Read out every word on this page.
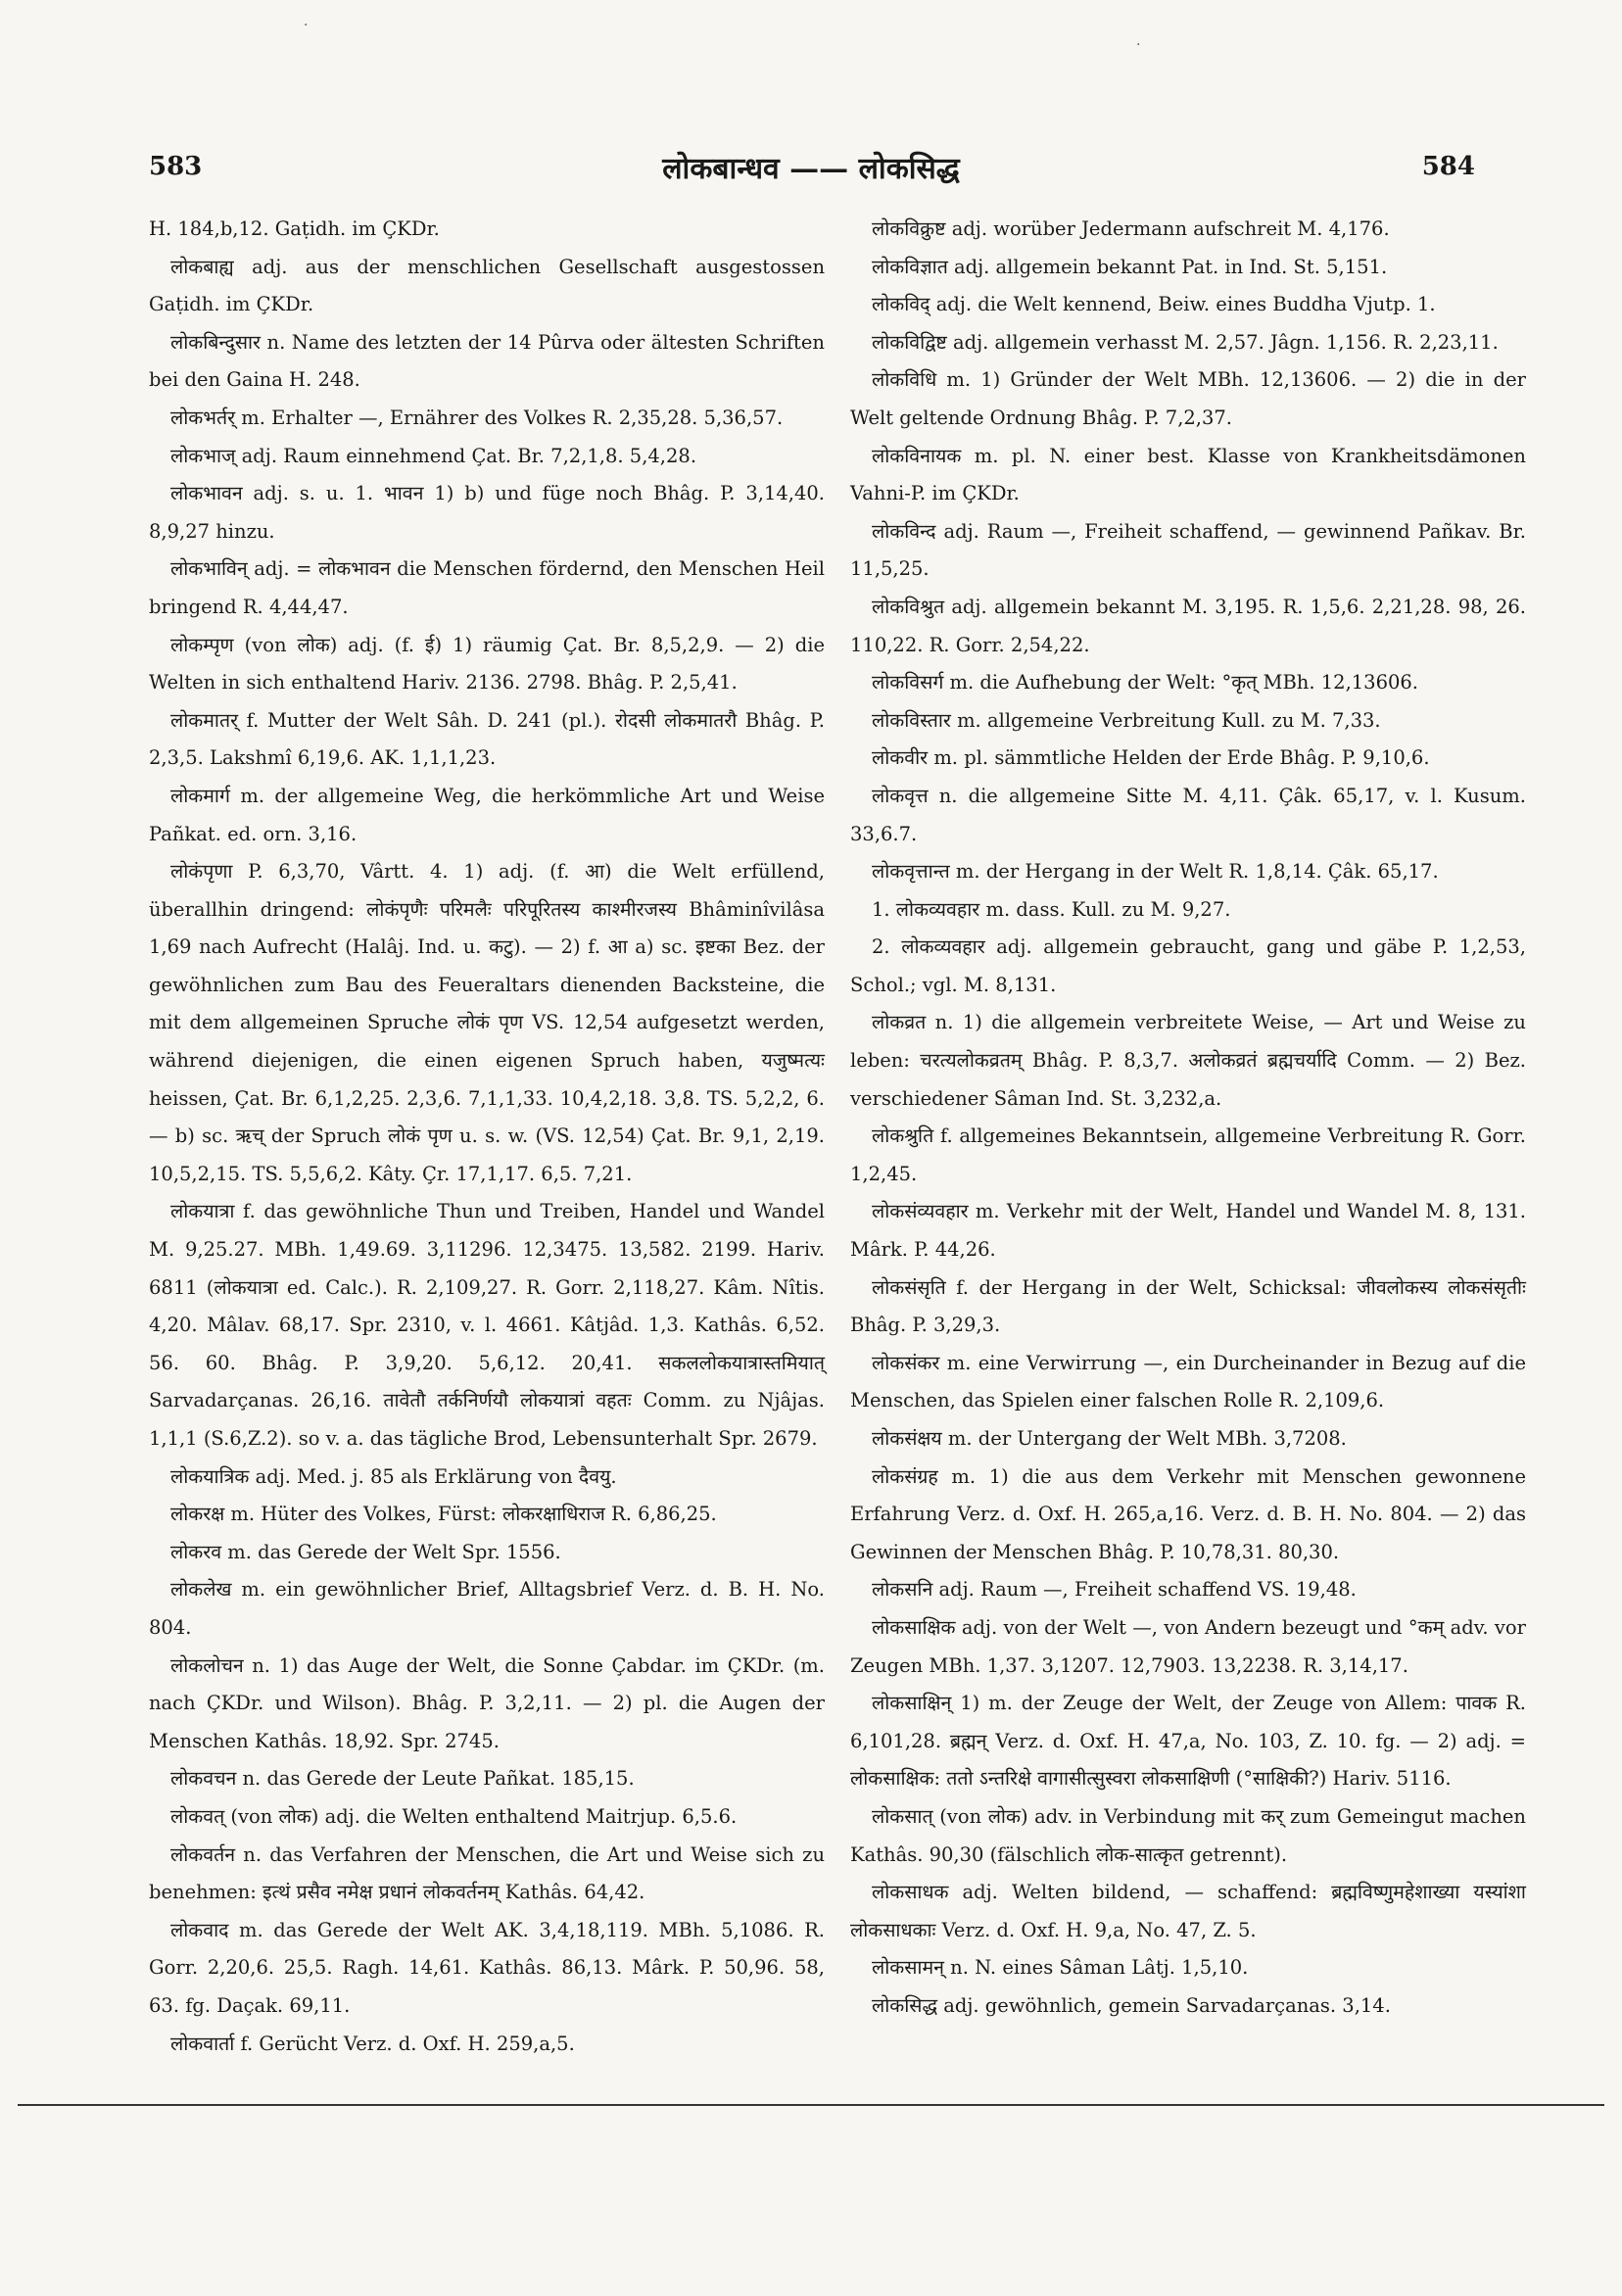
·
·
583	लोकबान्धव —— लोकसिद्ध	584

H. 184,b,12. Gaṭidh. im ÇKDr.

लोकबाह्य adj. aus der menschlichen Gesellschaft ausgestossen Gaṭidh. im ÇKDr.

लोकबिन्दुसार n. Name des letzten der 14 Pûrva oder ältesten Schriften bei den Gaina H. 248.

लोकभर्तर् m. Erhalter —, Ernährer des Volkes R. 2,35,28. 5,36,57.

लोकभाज् adj. Raum einnehmend Çat. Br. 7,2,1,8. 5,4,28.

लोकभावन adj. s. u. 1. भावन 1) b) und füge noch Bhâg. P. 3,14,40. 8,9,27 hinzu.

लोकभाविन् adj. = लोकभावन die Menschen fördernd, den Menschen Heil bringend R. 4,44,47.

लोकम्पृण (von लोक) adj. (f. ई) 1) räumig Çat. Br. 8,5,2,9. — 2) die Welten in sich enthaltend Hariv. 2136. 2798. Bhâg. P. 2,5,41.

लोकमातर् f. Mutter der Welt Sâh. D. 241 (pl.). रोदसी लोकमातरौ Bhâg. P. 2,3,5. Lakshmî 6,19,6. AK. 1,1,1,23.

लोकमार्ग m. der allgemeine Weg, die herkömmliche Art und Weise Pañkat. ed. orn. 3,16.

लोकंपृणा P. 6,3,70, Vârtt. 4. 1) adj. (f. आ) die Welt erfüllend, überallhin dringend: लोकंपृणैः परिमलैः परिपूरितस्य काश्मीरजस्य Bhâminîvilâsa 1,69 nach Aufrecht (Halâj. Ind. u. कटु). — 2) f. आ a) sc. इष्टका Bez. der gewöhnlichen zum Bau des Feueraltars dienenden Backsteine, die mit dem allgemeinen Spruche लोकं पृण VS. 12,54 aufgesetzt werden, während diejenigen, die einen eigenen Spruch haben, यजुष्मत्यः heissen, Çat. Br. 6,1,2,25. 2,3,6. 7,1,1,33. 10,4,2,18. 3,8. TS. 5,2,2, 6. — b) sc. ऋच् der Spruch लोकं पृण u. s. w. (VS. 12,54) Çat. Br. 9,1, 2,19. 10,5,2,15. TS. 5,5,6,2. Kâty. Çr. 17,1,17. 6,5. 7,21.

लोकयात्रा f. das gewöhnliche Thun und Treiben, Handel und Wandel M. 9,25.27. MBh. 1,49.69. 3,11296. 12,3475. 13,582. 2199. Hariv. 6811 (लोकयात्रा ed. Calc.). R. 2,109,27. R. Gorr. 2,118,27. Kâm. Nîtis. 4,20. Mâlav. 68,17. Spr. 2310, v. l. 4661. Kâtjâd. 1,3. Kathâs. 6,52. 56. 60. Bhâg. P. 3,9,20. 5,6,12. 20,41. सकललोकयात्रास्तमियात् Sarvadarçanas. 26,16. तावेतौ तर्कनिर्णयौ लोकयात्रां वहतः Comm. zu Njâjas. 1,1,1 (S.6,Z.2). so v. a. das tägliche Brod, Lebensunterhalt Spr. 2679.

लोकयात्रिक adj. Med. j. 85 als Erklärung von दैवयु.

लोकरक्ष m. Hüter des Volkes, Fürst: लोकरक्षाधिराज R. 6,86,25.

लोकरव m. das Gerede der Welt Spr. 1556.

लोकलेख m. ein gewöhnlicher Brief, Alltagsbrief Verz. d. B. H. No. 804.

लोकलोचन n. 1) das Auge der Welt, die Sonne Çabdar. im ÇKDr. (m. nach ÇKDr. und Wilson). Bhâg. P. 3,2,11. — 2) pl. die Augen der Menschen Kathâs. 18,92. Spr. 2745.

लोकवचन n. das Gerede der Leute Pañkat. 185,15.

लोकवत् (von लोक) adj. die Welten enthaltend Maitrjup. 6,5.6.

लोकवर्तन n. das Verfahren der Menschen, die Art und Weise sich zu benehmen: इत्थं प्रसैव नमेक्ष प्रधानं लोकवर्तनम् Kathâs. 64,42.

लोकवाद m. das Gerede der Welt AK. 3,4,18,119. MBh. 5,1086. R. Gorr. 2,20,6. 25,5. Ragh. 14,61. Kathâs. 86,13. Mârk. P. 50,96. 58, 63. fg. Daçak. 69,11.

लोकवार्ता f. Gerücht Verz. d. Oxf. H. 259,a,5.

लोकविक्रुष्ट adj. worüber Jedermann aufschreit M. 4,176.

लोकविज्ञात adj. allgemein bekannt Pat. in Ind. St. 5,151.

लोकविद् adj. die Welt kennend, Beiw. eines Buddha Vjutp. 1.

लोकविद्विष्ट adj. allgemein verhasst M. 2,57. Jâgn. 1,156. R. 2,23,11.

लोकविधि m. 1) Gründer der Welt MBh. 12,13606. — 2) die in der Welt geltende Ordnung Bhâg. P. 7,2,37.

लोकविनायक m. pl. N. einer best. Klasse von Krankheitsdämonen Vahni-P. im ÇKDr.

लोकविन्द adj. Raum —, Freiheit schaffend, — gewinnend Pañkav. Br. 11,5,25.

लोकविश्रुत adj. allgemein bekannt M. 3,195. R. 1,5,6. 2,21,28. 98, 26. 110,22. R. Gorr. 2,54,22.

लोकविसर्ग m. die Aufhebung der Welt: °कृत् MBh. 12,13606.

लोकविस्तार m. allgemeine Verbreitung Kull. zu M. 7,33.

लोकवीर m. pl. sämmtliche Helden der Erde Bhâg. P. 9,10,6.

लोकवृत्त n. die allgemeine Sitte M. 4,11. Çâk. 65,17, v. l. Kusum. 33,6.7.

लोकवृत्तान्त m. der Hergang in der Welt R. 1,8,14. Çâk. 65,17.

1. लोकव्यवहार m. dass. Kull. zu M. 9,27.

2. लोकव्यवहार adj. allgemein gebraucht, gang und gäbe P. 1,2,53, Schol.; vgl. M. 8,131.

लोकव्रत n. 1) die allgemein verbreitete Weise, — Art und Weise zu leben: चरत्यलोकव्रतम् Bhâg. P. 8,3,7. अलोकव्रतं ब्रह्मचर्यादि Comm. — 2) Bez. verschiedener Sâman Ind. St. 3,232,a.

लोकश्रुति f. allgemeines Bekanntsein, allgemeine Verbreitung R. Gorr. 1,2,45.

लोकसंव्यवहार m. Verkehr mit der Welt, Handel und Wandel M. 8, 131. Mârk. P. 44,26.

लोकसंसृति f. der Hergang in der Welt, Schicksal: जीवलोकस्य लोकसंसृतीः Bhâg. P. 3,29,3.

लोकसंकर m. eine Verwirrung —, ein Durcheinander in Bezug auf die Menschen, das Spielen einer falschen Rolle R. 2,109,6.

लोकसंक्षय m. der Untergang der Welt MBh. 3,7208.

लोकसंग्रह m. 1) die aus dem Verkehr mit Menschen gewonnene Erfahrung Verz. d. Oxf. H. 265,a,16. Verz. d. B. H. No. 804. — 2) das Gewinnen der Menschen Bhâg. P. 10,78,31. 80,30.

लोकसनि adj. Raum —, Freiheit schaffend VS. 19,48.

लोकसाक्षिक adj. von der Welt —, von Andern bezeugt und °कम् adv. vor Zeugen MBh. 1,37. 3,1207. 12,7903. 13,2238. R. 3,14,17.

लोकसाक्षिन् 1) m. der Zeuge der Welt, der Zeuge von Allem: पावक R. 6,101,28. ब्रह्मन् Verz. d. Oxf. H. 47,a, No. 103, Z. 10. fg. — 2) adj. = लोकसाक्षिक: ततो ऽन्तरिक्षे वागासीत्सुस्वरा लोकसाक्षिणी (°साक्षिकी?) Hariv. 5116.

लोकसात् (von लोक) adv. in Verbindung mit कर् zum Gemeingut machen Kathâs. 90,30 (fälschlich लोक-सात्कृत getrennt).

लोकसाधक adj. Welten bildend, — schaffend: ब्रह्मविष्णुमहेशाख्या यस्यांशा लोकसाधकाः Verz. d. Oxf. H. 9,a, No. 47, Z. 5.

लोकसामन् n. N. eines Sâman Lâtj. 1,5,10.

लोकसिद्ध adj. gewöhnlich, gemein Sarvadarçanas. 3,14.
